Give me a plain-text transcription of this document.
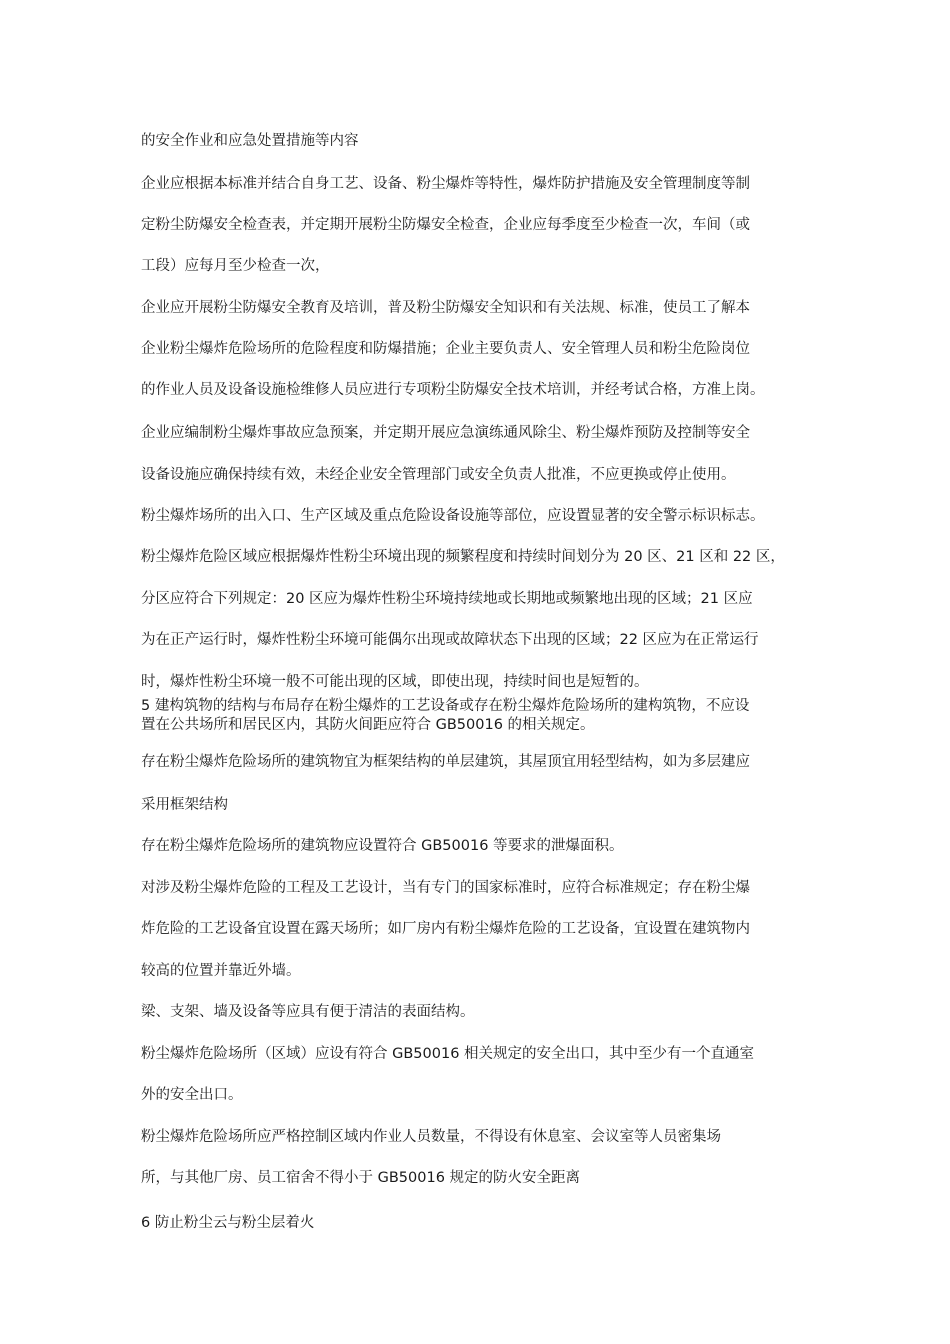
的安全作业和应急处置措施等内容
企业应根据本标准并结合自身工艺、设备、粉尘爆炸等特性，爆炸防护措施及安全管理制度等制
定粉尘防爆安全检查表，并定期开展粉尘防爆安全检查，企业应每季度至少检查一次，车间（或
工段）应每月至少检查一次，
企业应开展粉尘防爆安全教育及培训，普及粉尘防爆安全知识和有关法规、标准，使员工了解本
企业粉尘爆炸危险场所的危险程度和防爆措施；企业主要负责人、安全管理人员和粉尘危险岗位
的作业人员及设备设施检维修人员应进行专项粉尘防爆安全技术培训，并经考试合格，方准上岗。
企业应编制粉尘爆炸事故应急预案，并定期开展应急演练通风除尘、粉尘爆炸预防及控制等安全
设备设施应确保持续有效，未经企业安全管理部门或安全负责人批准，不应更换或停止使用。
粉尘爆炸场所的出入口、生产区域及重点危险设备设施等部位，应设置显著的安全警示标识标志。
粉尘爆炸危险区域应根据爆炸性粉尘环境出现的频繁程度和持续时间划分为 20 区、21 区和 22 区，
分区应符合下列规定：20 区应为爆炸性粉尘环境持续地或长期地或频繁地出现的区域；21 区应
为在正产运行时，爆炸性粉尘环境可能偶尔出现或故障状态下出现的区域；22 区应为在正常运行
时，爆炸性粉尘环境一般不可能出现的区域，即使出现，持续时间也是短暂的。
5 建构筑物的结构与布局存在粉尘爆炸的工艺设备或存在粉尘爆炸危险场所的建构筑物，不应设
置在公共场所和居民区内，其防火间距应符合 GB50016 的相关规定。
存在粉尘爆炸危险场所的建筑物宜为框架结构的单层建筑，其屋顶宜用轻型结构，如为多层建应
采用框架结构
存在粉尘爆炸危险场所的建筑物应设置符合 GB50016 等要求的泄爆面积。
对涉及粉尘爆炸危险的工程及工艺设计，当有专门的国家标准时，应符合标准规定；存在粉尘爆
炸危险的工艺设备宜设置在露天场所；如厂房内有粉尘爆炸危险的工艺设备，宜设置在建筑物内
较高的位置并靠近外墙。
梁、支架、墙及设备等应具有便于清洁的表面结构。
粉尘爆炸危险场所（区域）应设有符合 GB50016 相关规定的安全出口，其中至少有一个直通室
外的安全出口。
粉尘爆炸危险场所应严格控制区域内作业人员数量，不得设有休息室、会议室等人员密集场
所，与其他厂房、员工宿舍不得小于 GB50016 规定的防火安全距离
6 防止粉尘云与粉尘层着火
